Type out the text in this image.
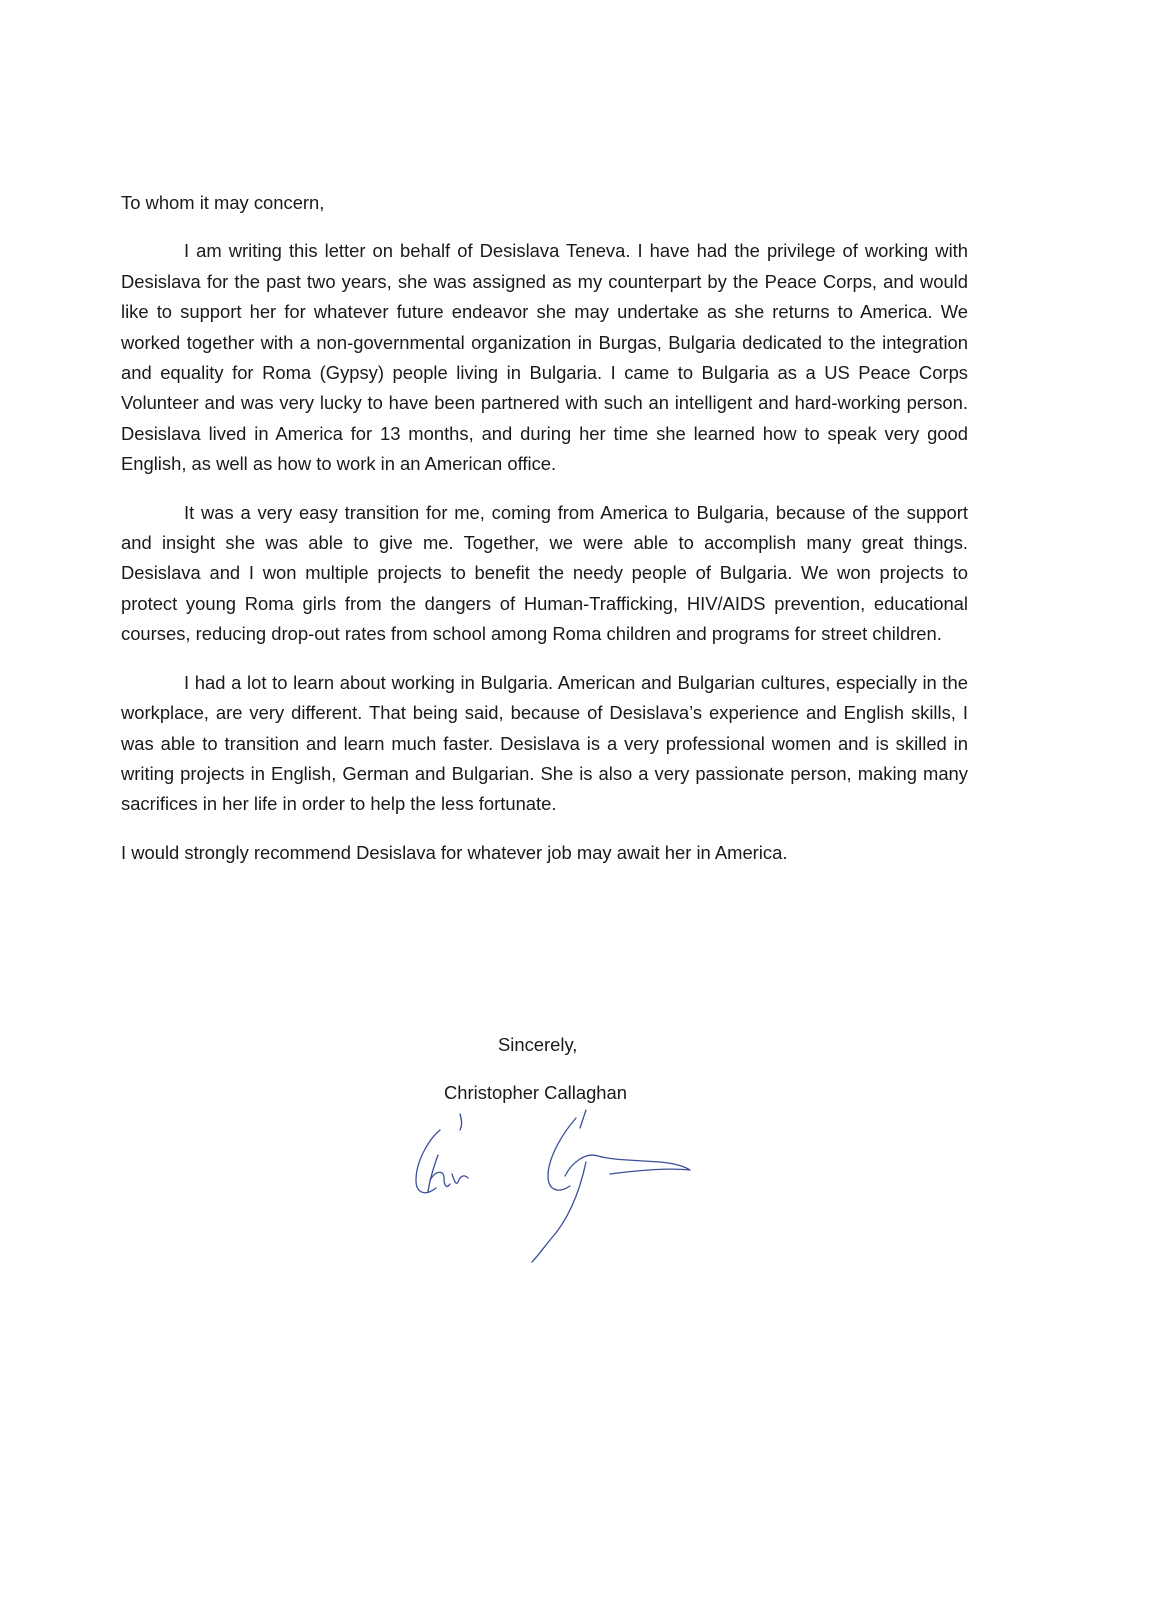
To whom it may concern,

I am writing this letter on behalf of Desislava Teneva. I have had the privilege of working with Desislava for the past two years, she was assigned as my counterpart by the Peace Corps, and would like to support her for whatever future endeavor she may undertake as she returns to America. We worked together with a non-governmental organization in Burgas, Bulgaria dedicated to the integration and equality for Roma (Gypsy) people living in Bulgaria. I came to Bulgaria as a US Peace Corps Volunteer and was very lucky to have been partnered with such an intelligent and hard-working person. Desislava lived in America for 13 months, and during her time she learned how to speak very good English, as well as how to work in an American office.

It was a very easy transition for me, coming from America to Bulgaria, because of the support and insight she was able to give me. Together, we were able to accomplish many great things. Desislava and I won multiple projects to benefit the needy people of Bulgaria. We won projects to protect young Roma girls from the dangers of Human-Trafficking, HIV/AIDS prevention, educational courses, reducing drop-out rates from school among Roma children and programs for street children.

I had a lot to learn about working in Bulgaria. American and Bulgarian cultures, especially in the workplace, are very different. That being said, because of Desislava’s experience and English skills, I was able to transition and learn much faster. Desislava is a very professional women and is skilled in writing projects in English, German and Bulgarian. She is also a very passionate person, making many sacrifices in her life in order to help the less fortunate.

I would strongly recommend Desislava for whatever job may await her in America.

Sincerely,
Christopher Callaghan
